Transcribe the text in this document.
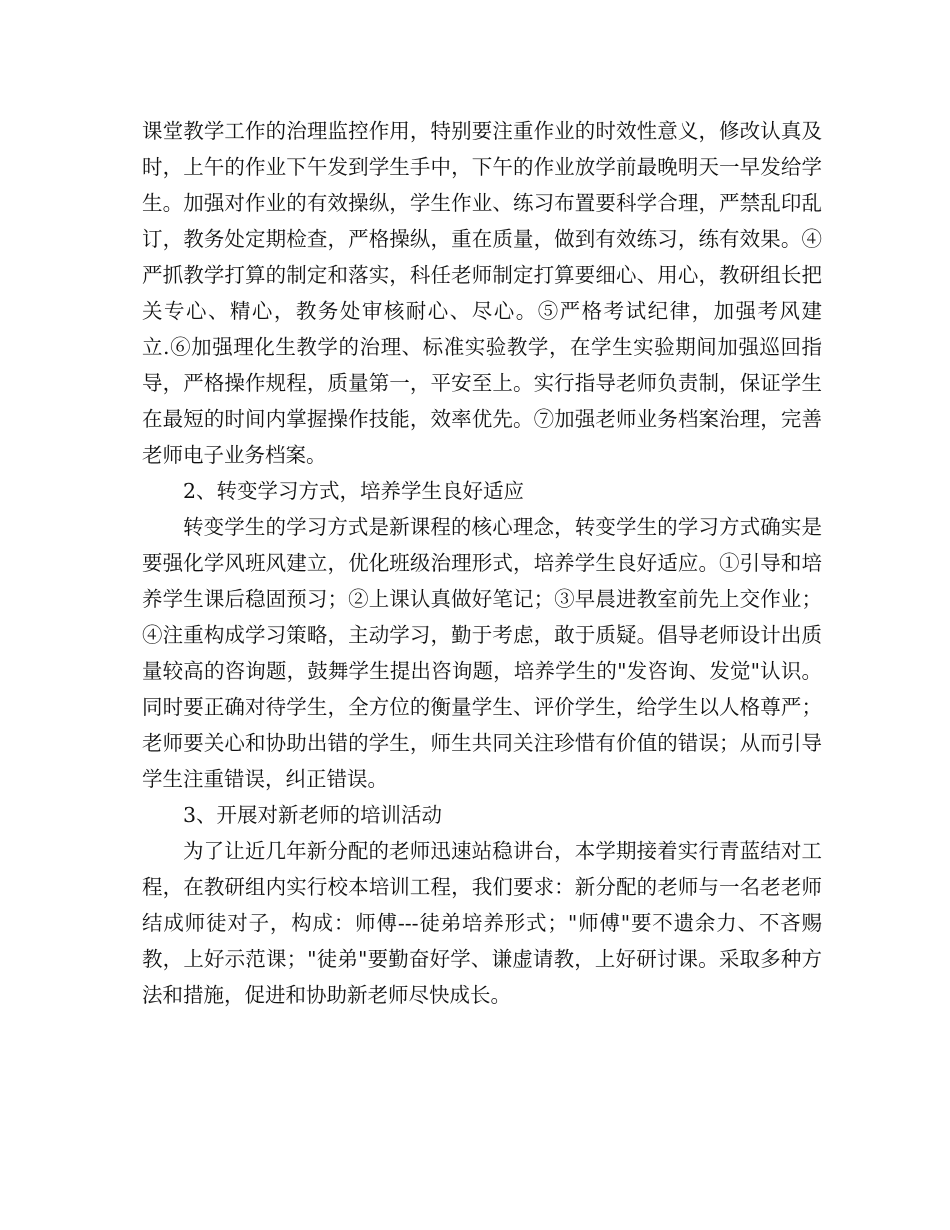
课堂教学工作的治理监控作用，特别要注重作业的时效性意义，修改认真及时，上午的作业下午发到学生手中，下午的作业放学前最晚明天一早发给学生。加强对作业的有效操纵，学生作业、练习布置要科学合理，严禁乱印乱订，教务处定期检查，严格操纵，重在质量，做到有效练习，练有效果。④严抓教学打算的制定和落实，科任老师制定打算要细心、用心，教研组长把关专心、精心，教务处审核耐心、尽心。⑤严格考试纪律，加强考风建立.⑥加强理化生教学的治理、标准实验教学，在学生实验期间加强巡回指导，严格操作规程，质量第一，平安至上。实行指导老师负责制，保证学生在最短的时间内掌握操作技能，效率优先。⑦加强老师业务档案治理，完善老师电子业务档案。

2、转变学习方式，培养学生良好适应

转变学生的学习方式是新课程的核心理念，转变学生的学习方式确实是要强化学风班风建立，优化班级治理形式，培养学生良好适应。①引导和培养学生课后稳固预习；②上课认真做好笔记；③早晨进教室前先上交作业；④注重构成学习策略，主动学习，勤于考虑，敢于质疑。倡导老师设计出质量较高的咨询题，鼓舞学生提出咨询题，培养学生的"发咨询、发觉"认识。同时要正确对待学生，全方位的衡量学生、评价学生，给学生以人格尊严；老师要关心和协助出错的学生，师生共同关注珍惜有价值的错误；从而引导学生注重错误，纠正错误。

3、开展对新老师的培训活动

为了让近几年新分配的老师迅速站稳讲台，本学期接着实行青蓝结对工程，在教研组内实行校本培训工程，我们要求：新分配的老师与一名老老师结成师徒对子，构成：师傅---徒弟培养形式；"师傅"要不遗余力、不吝赐教，上好示范课；"徒弟"要勤奋好学、谦虚请教，上好研讨课。采取多种方法和措施，促进和协助新老师尽快成长。
